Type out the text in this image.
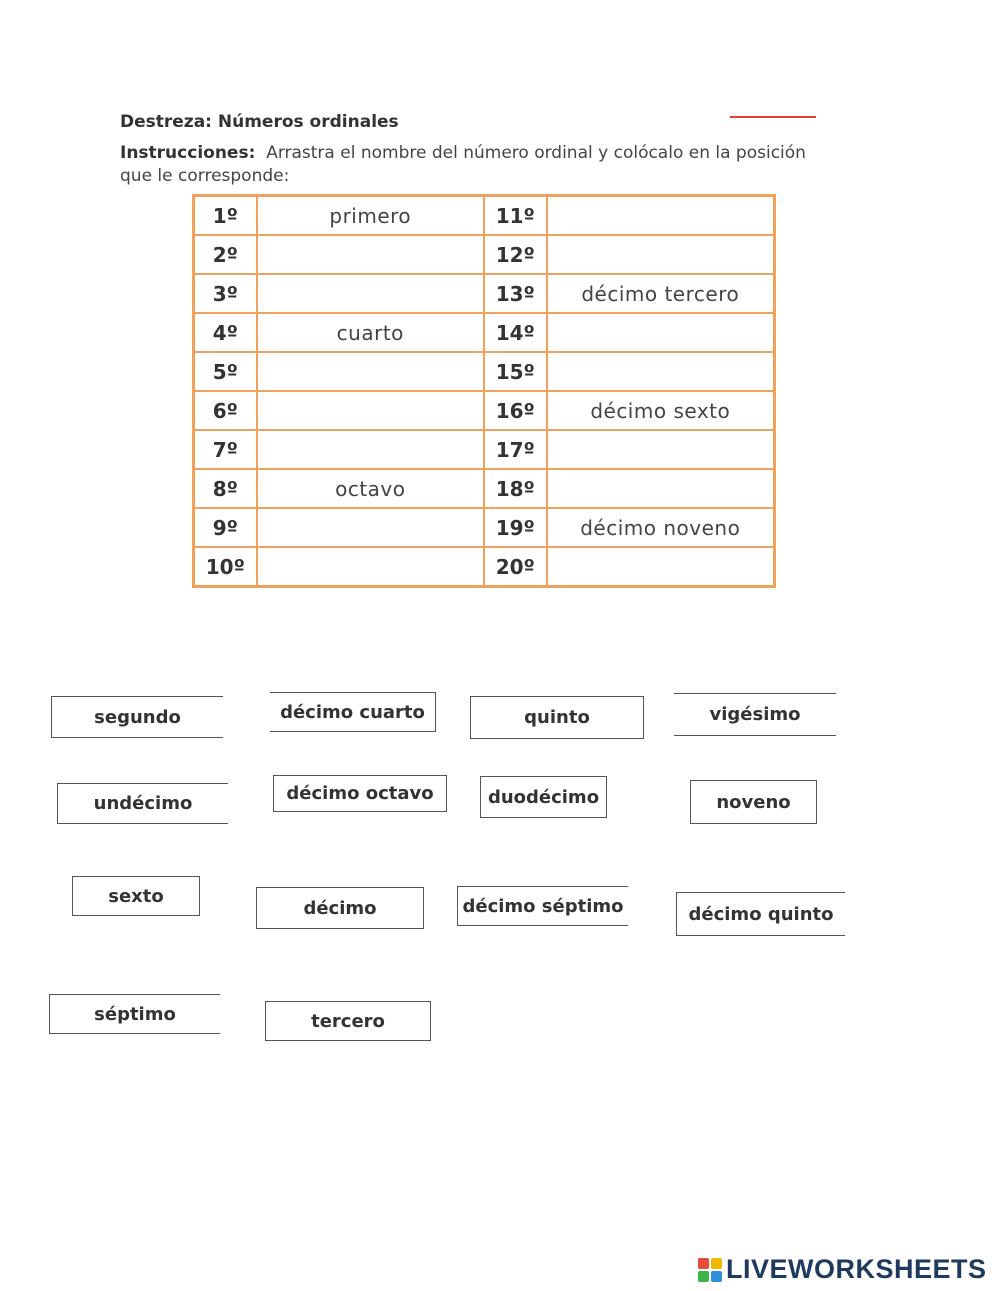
Destreza: Números ordinales
Instrucciones: Arrastra el nombre del número ordinal y colócalo en la posición que le corresponde:
1º	primero	11º	
2º		12º	
3º		13º	décimo tercero
4º	cuarto	14º	
5º		15º	
6º		16º	décimo sexto
7º		17º	
8º	octavo	18º	
9º		19º	décimo noveno
10º		20º	
segundo	décimo cuarto	quinto	vigésimo
undécimo	décimo octavo	duodécimo	noveno
sexto
décimo	décimo séptimo	décimo quinto
séptimo	tercero
LIVEWORKSHEETS
